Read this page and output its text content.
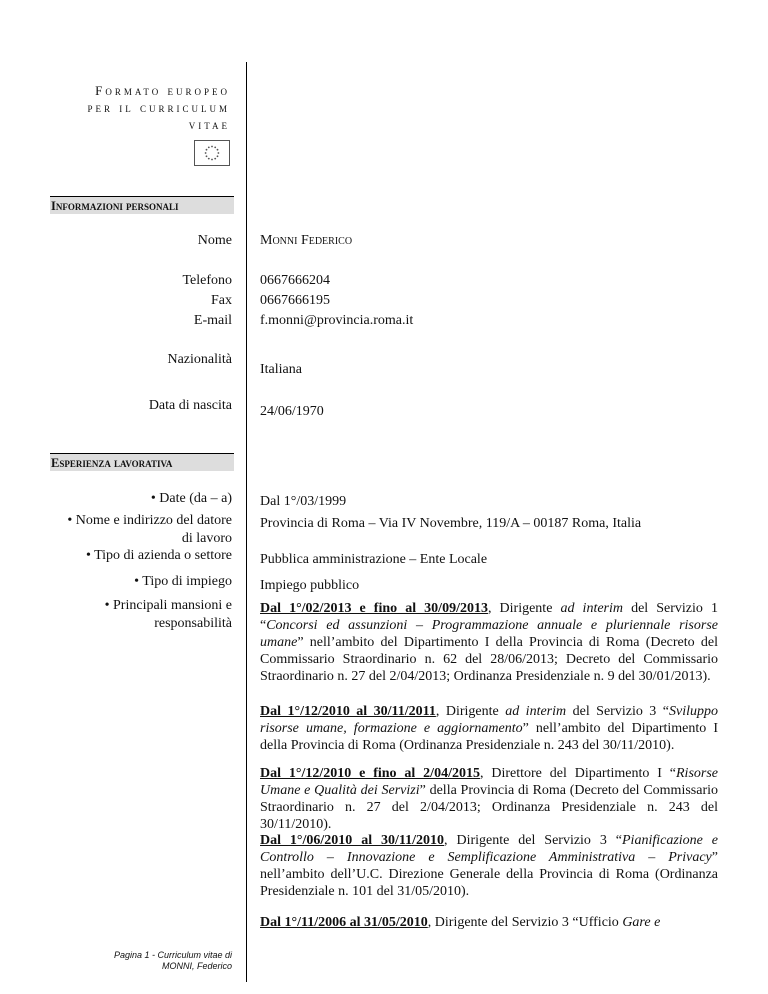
Formato europeo
per il curriculum
vitae
Informazioni personali
Nome Monni Federico
Telefono 0667666204
Fax 0667666195
E-mail f.monni@provincia.roma.it
Nazionalità
Italiana
Data di nascita 24/06/1970
Esperienza lavorativa
• Date (da – a) Dal 1°/03/1999
• Nome e indirizzo del datore di lavoro
Provincia di Roma – Via IV Novembre, 119/A – 00187 Roma, Italia
• Tipo di azienda o settore Pubblica amministrazione – Ente Locale
• Tipo di impiego Impiego pubblico
• Principali mansioni e responsabilità
Dal 1°/02/2013 e fino al 30/09/2013, Dirigente ad interim del Servizio 1 “Concorsi ed assunzioni – Programmazione annuale e pluriennale risorse umane” nell’ambito del Dipartimento I della Provincia di Roma (Decreto del Commissario Straordinario n. 62 del 28/06/2013; Decreto del Commissario Straordinario n. 27 del 2/04/2013; Ordinanza Presidenziale n. 9 del 30/01/2013).
Dal 1°/12/2010 al 30/11/2011, Dirigente ad interim del Servizio 3 “Sviluppo risorse umane, formazione e aggiornamento” nell’ambito del Dipartimento I della Provincia di Roma (Ordinanza Presidenziale n. 243 del 30/11/2010).
Dal 1°/12/2010 e fino al 2/04/2015, Direttore del Dipartimento I “Risorse Umane e Qualità dei Servizi” della Provincia di Roma (Decreto del Commissario Straordinario n. 27 del 2/04/2013; Ordinanza Presidenziale n. 243 del 30/11/2010).
Dal 1°/06/2010 al 30/11/2010, Dirigente del Servizio 3 “Pianificazione e Controllo – Innovazione e Semplificazione Amministrativa – Privacy” nell’ambito dell’U.C. Direzione Generale della Provincia di Roma (Ordinanza Presidenziale n. 101 del 31/05/2010).
Dal 1°/11/2006 al 31/05/2010, Dirigente del Servizio 3 “Ufficio Gare e
Pagina 1 - Curriculum vitae di
MONNI, Federico
